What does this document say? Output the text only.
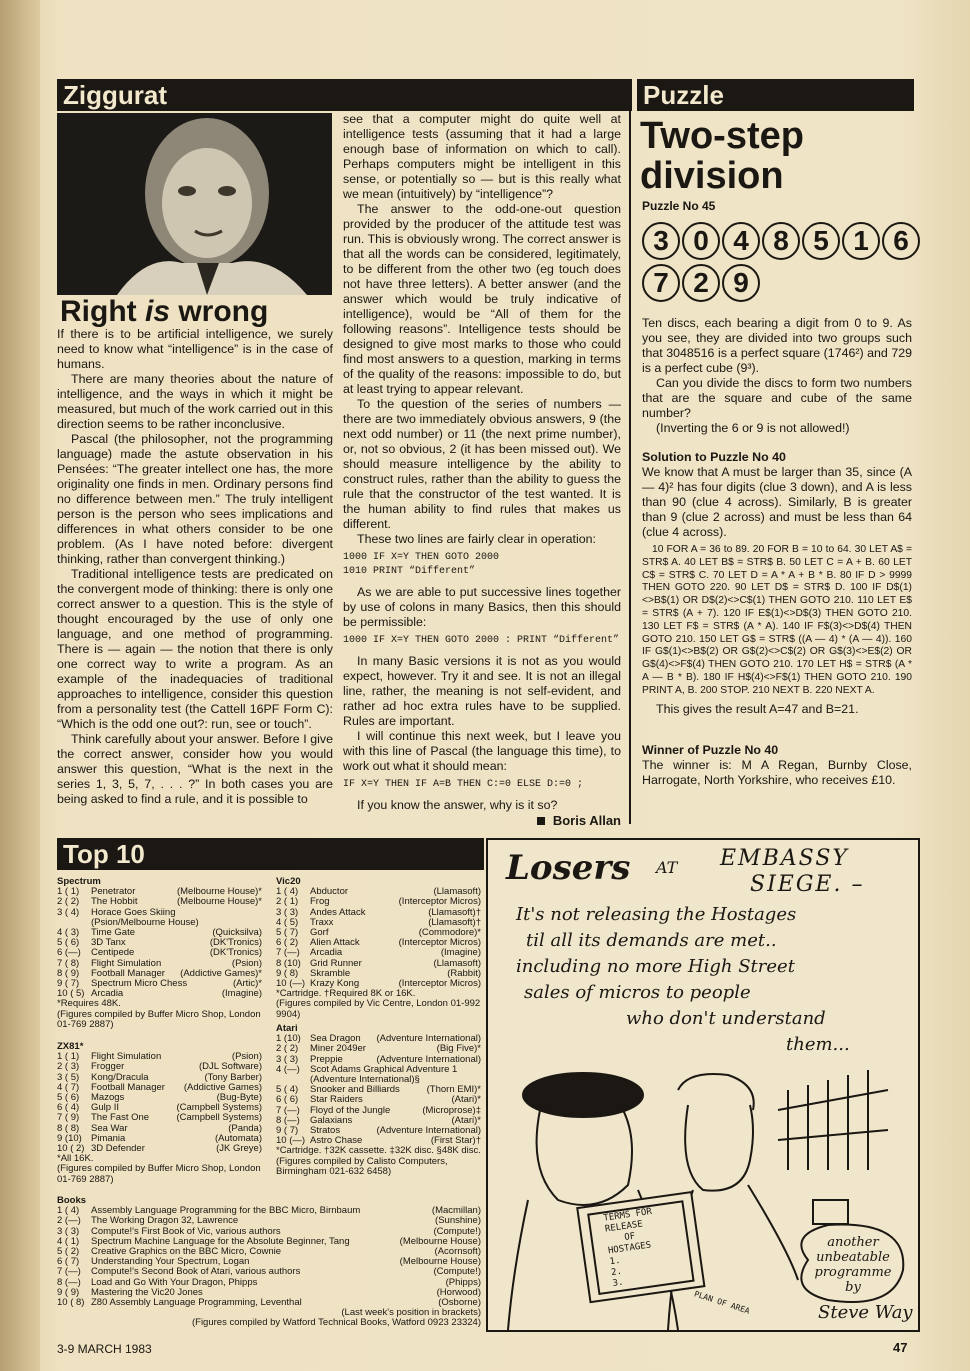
Ziggurat
Right is wrong

If there is to be artificial intelligence, we surely need to know what “intelligence” is in the case of humans.

There are many theories about the nature of intelligence, and the ways in which it might be measured, but much of the work carried out in this direction seems to be rather inconclusive.

Pascal (the philosopher, not the programming language) made the astute observation in his Pensées: “The greater intellect one has, the more originality one finds in men. Ordinary persons find no difference between men.” The truly intelligent person is the person who sees implications and differences in what others consider to be one problem. (As I have noted before: divergent thinking, rather than convergent thinking.)

Traditional intelligence tests are predicated on the convergent mode of thinking: there is only one correct answer to a question. This is the style of thought encouraged by the use of only one language, and one method of programming. There is — again — the notion that there is only one correct way to write a program. As an example of the inadequacies of traditional approaches to intelligence, consider this question from a personality test (the Cattell 16PF Form C): “Which is the odd one out?: run, see or touch”.

Think carefully about your answer. Before I give the correct answer, consider how you would answer this question, “What is the next in the series 1, 3, 5, 7, . . . ?” In both cases you are being asked to find a rule, and it is possible to

see that a computer might do quite well at intelligence tests (assuming that it had a large enough base of information on which to call). Perhaps computers might be intelligent in this sense, or potentially so — but is this really what we mean (intuitively) by “intelligence”?

The answer to the odd-one-out question provided by the producer of the attitude test was run. This is obviously wrong. The correct answer is that all the words can be considered, legitimately, to be different from the other two (eg touch does not have three letters). A better answer (and the answer which would be truly indicative of intelligence), would be “All of them for the following reasons”. Intelligence tests should be designed to give most marks to those who could find most answers to a question, marking in terms of the quality of the reasons: impossible to do, but at least trying to appear relevant.

To the question of the series of numbers — there are two immediately obvious answers, 9 (the next odd number) or 11 (the next prime number), or, not so obvious, 2 (it has been missed out). We should measure intelligence by the ability to construct rules, rather than the ability to guess the rule that the constructor of the test wanted. It is the human ability to find rules that makes us different.

These two lines are fairly clear in operation:

1000 IF X=Y THEN GOTO 2000
1010 PRINT “Different”

As we are able to put successive lines together by use of colons in many Basics, then this should be permissible:

1000 IF X=Y THEN GOTO 2000 : PRINT “Different”

In many Basic versions it is not as you would expect, however. Try it and see. It is not an illegal line, rather, the meaning is not self-evident, and rather ad hoc extra rules have to be supplied. Rules are important.

I will continue this next week, but I leave you with this line of Pascal (the language this time), to work out what it should mean:

IF X=Y THEN IF A=B THEN C:=0 ELSE D:=0 ;

If you know the answer, why is it so?

Boris Allan
Puzzle
Two-step
division
Puzzle No 45
3 0 4 8 5 1 6
7 2 9

Ten discs, each bearing a digit from 0 to 9. As you see, they are divided into two groups such that 3048516 is a perfect square (1746²) and 729 is a perfect cube (9³).

Can you divide the discs to form two numbers that are the square and cube of the same number?

(Inverting the 6 or 9 is not allowed!)

Solution to Puzzle No 40

We know that A must be larger than 35, since (A — 4)² has four digits (clue 3 down), and A is less than 90 (clue 4 across). Similarly, B is greater than 9 (clue 2 across) and must be less than 64 (clue 4 across).

10 FOR A = 36 to 89. 20 FOR B = 10 to 64. 30 LET A$ = STR$ A. 40 LET B$ = STR$ B. 50 LET C = A + B. 60 LET C$ = STR$ C. 70 LET D = A * A + B * B. 80 IF D > 9999 THEN GOTO 220. 90 LET D$ = STR$ D. 100 IF D$(1)<>B$(1) OR D$(2)<>C$(1) THEN GOTO 210. 110 LET E$ = STR$ (A + 7). 120 IF E$(1)<>D$(3) THEN GOTO 210. 130 LET F$ = STR$ (A * A). 140 IF F$(3)<>D$(4) THEN GOTO 210. 150 LET G$ = STR$ ((A — 4) * (A — 4)). 160 IF G$(1)<>B$(2) OR G$(2)<>C$(2) OR G$(3)<>E$(2) OR G$(4)<>F$(4) THEN GOTO 210. 170 LET H$ = STR$ (A * A — B * B). 180 IF H$(4)<>F$(1) THEN GOTO 210. 190 PRINT A, B. 200 STOP. 210 NEXT B. 220 NEXT A.

This gives the result A=47 and B=21.

Winner of Puzzle No 40

The winner is: M A Regan, Burnby Close, Harrogate, North Yorkshire, who receives £10.

Top 10
Spectrum
1 ( 1)	Penetrator	(Melbourne House)*
2 ( 2)	The Hobbit	(Melbourne House)*
3 ( 4)	Horace Goes Skiing
(Psion/Melbourne House)
4 ( 3)	Time Gate	(Quicksilva)
5 ( 6)	3D Tanx	(DK'Tronics)
6 (—)	Centipede	(DK'Tronics)
7 ( 8)	Flight Simulation	(Psion)
8 ( 9)	Football Manager	(Addictive Games)*
9 ( 7)	Spectrum Micro Chess	(Artic)*
10 ( 5) Arcadia	(Imagine)
*Requires 48K.
(Figures compiled by Buffer Micro Shop, London 01-769 2887)
ZX81*
1 ( 1)	Flight Simulation	(Psion)
2 ( 3)	Frogger	(DJL Software)
3 ( 5)	Kong/Dracula	(Tony Barber)
4 ( 7)	Football Manager	(Addictive Games)
5 ( 6)	Mazogs	(Bug-Byte)
6 ( 4)	Gulp II	(Campbell Systems)
7 ( 9)	The Fast One	(Campbell Systems)
8 ( 8)	Sea War	(Panda)
9 (10) Pimania	(Automata)
10 ( 2) 3D Defender	(JK Greye)
*All 16K.
(Figures compiled by Buffer Micro Shop, London 01-769 2887)
Vic20
1 ( 4)	Abductor	(Llamasoft)
2 ( 1)	Frog	(Interceptor Micros)
3 ( 3)	Andes Attack	(Llamasoft)†
4 ( 5)	Traxx	(Llamasoft)†
5 ( 7)	Gorf	(Commodore)*
6 ( 2)	Alien Attack	(Interceptor Micros)
7 (—)	Arcadia	(Imagine)
8 (10) Grid Runner	(Llamasoft)
9 ( 8)	Skramble	(Rabbit)
10 (—) Krazy Kong	(Interceptor Micros)
*Cartridge. †Required 8K or 16K.
(Figures compiled by Vic Centre, London 01-992 9904)
Atari
1 (10) Sea Dragon	(Adventure International)
2 ( 2)	Miner 2049er	(Big Five)*
3 ( 3)	Preppie	(Adventure International)
4 (—)	Scot Adams Graphical Adventure 1
(Adventure International)§
5 ( 4)	Snooker and Billiards	(Thorn EMI)*
6 ( 6)	Star Raiders	(Atari)*
7 (—)	Floyd of the Jungle	(Microprose)‡
8 (—)	Galaxians	(Atari)*
9 ( 7)	Stratos	(Adventure International)
10 (—) Astro Chase	(First Star)†
*Cartridge. †32K cassette. ‡32K disc. §48K disc.
(Figures compiled by Calisto Computers, Birmingham 021-632 6458)
Books
1 ( 4)	Assembly Language Programming for the BBC Micro, Birnbaum	(Macmillan)
2 (—)	The Working Dragon 32, Lawrence	(Sunshine)
3 ( 3)	Compute!'s First Book of Vic, various authors	(Compute!)
4 ( 1)	Spectrum Machine Language for the Absolute Beginner, Tang	(Melbourne House)
5 ( 2)	Creative Graphics on the BBC Micro, Cownie	(Acornsoft)
6 ( 7)	Understanding Your Spectrum, Logan	(Melbourne House)
7 (—)	Compute!'s Second Book of Atari, various authors	(Compute!)
8 (—)	Load and Go With Your Dragon, Phipps	(Phipps)
9 ( 9)	Mastering the Vic20 Jones	(Horwood)
10 ( 8) Z80 Assembly Language Programming, Leventhal	(Osborne)
(Last week's position in brackets)
(Figures compiled by Watford Technical Books, Watford 0923 23324)
Losers AT EMBASSY
SIEGE. –
It's not releasing the Hostages
til all its demands are met..
including no more High Street
sales of micros to people
who don't understand
them...
TERMS FOR
RELEASE
OF
HOSTAGES
1.
2.
3.
PLAN OF AREA
another
unbeatable
programme
by
Steve Way
3-9 MARCH 1983	47
